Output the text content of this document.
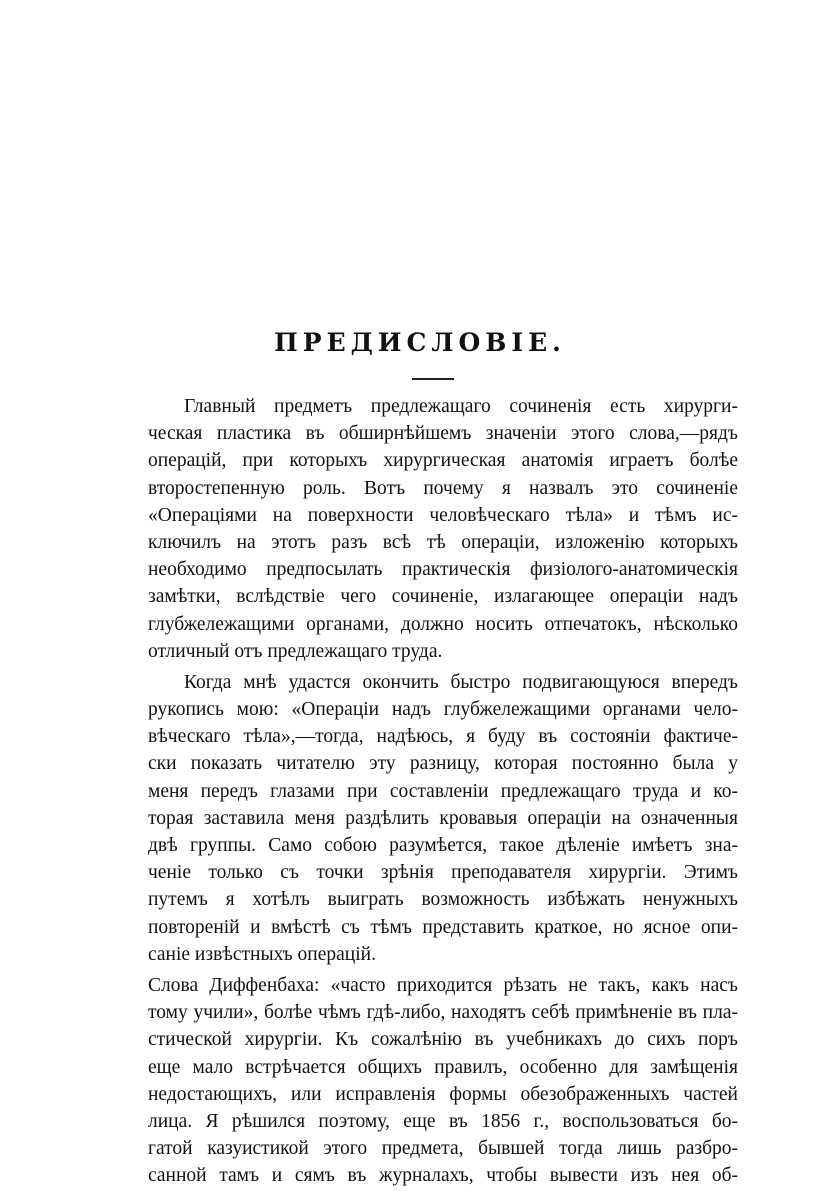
ПРЕДИСЛОВІЕ.
Главный предметъ предлежащаго сочиненія есть хирурги-
ческая пластика въ обширнѣйшемъ значеніи этого слова,—рядъ
операцій, при которыхъ хирургическая анатомія играетъ болѣе
второстепенную роль. Вотъ почему я назвалъ это сочиненіе
«Операціями на поверхности человѣческаго тѣла» и тѣмъ ис-
ключилъ на этотъ разъ всѣ тѣ операціи, изложенію которыхъ
необходимо предпосылать практическія физіолого-анатомическія
замѣтки, вслѣдствіе чего сочиненіе, излагающее операціи надъ
глубжележащими органами, должно носить отпечатокъ, нѣсколько
отличный отъ предлежащаго труда.
Когда мнѣ удастся окончить быстро подвигающуюся впередъ
рукопись мою: «Операціи надъ глубжележащими органами чело-
вѣческаго тѣла»,—тогда, надѣюсь, я буду въ состояніи фактиче-
ски показать читателю эту разницу, которая постоянно была у
меня передъ глазами при составленіи предлежащаго труда и ко-
торая заставила меня раздѣлить кровавыя операціи на означенныя
двѣ группы. Само собою разумѣется, такое дѣленіе имѣетъ зна-
ченіе только съ точки зрѣнія преподавателя хирургіи. Этимъ
путемъ я хотѣлъ выиграть возможность избѣжать ненужныхъ
повтореній и вмѣстѣ съ тѣмъ представить краткое, но ясное опи-
саніе извѣстныхъ операцій.
Слова Диффенбаха: «часто приходится рѣзать не такъ, какъ насъ
тому учили», болѣе чѣмъ гдѣ-либо, находятъ себѣ примѣненіе въ пла-
стической хирургіи. Къ сожалѣнію въ учебникахъ до сихъ поръ
еще мало встрѣчается общихъ правилъ, особенно для замѣщенія
недостающихъ, или исправленія формы обезображенныхъ частей
лица. Я рѣшился поэтому, еще въ 1856 г., воспользоваться бо-
гатой казуистикой этого предмета, бывшей тогда лишь разбро-
санной тамъ и сямъ въ журналахъ, чтобы вывести изъ нея об-
